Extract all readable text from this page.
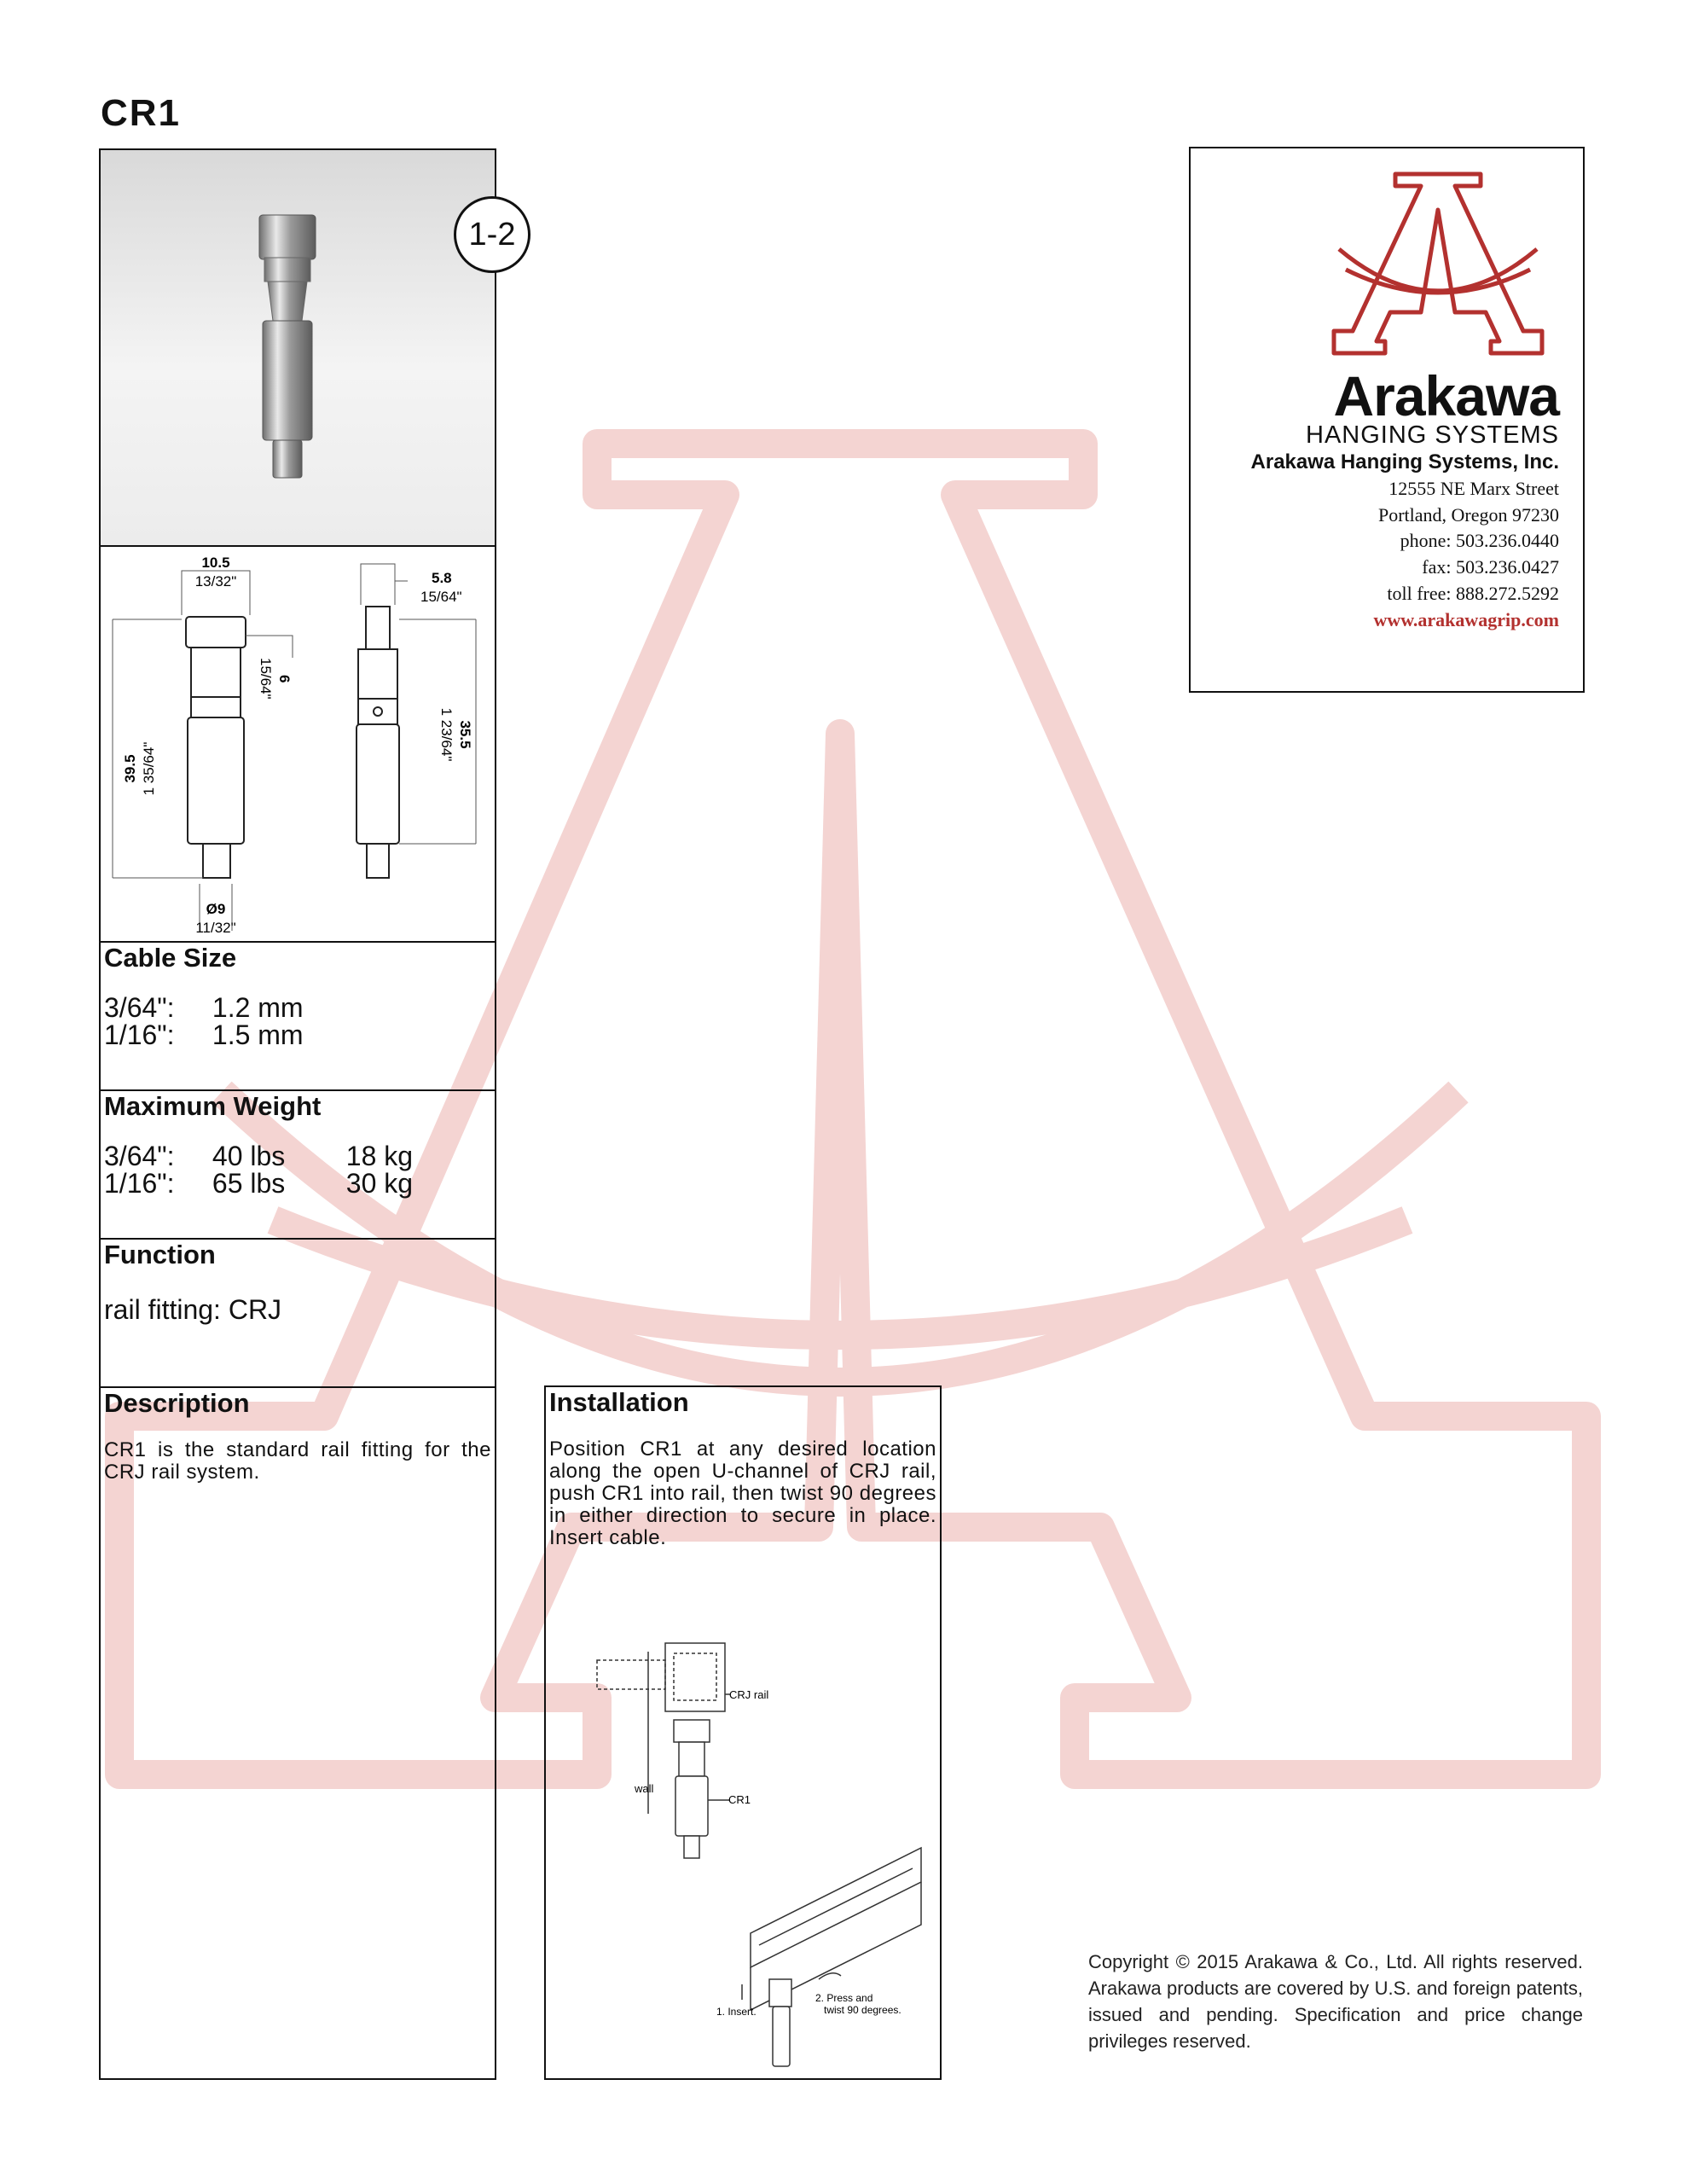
CR1
1-2
10.5
13/32"
6
15/64"
39.5 1 35/64"
Ø9
11/32"
5.8
15/64"
35.5
1 23/64"
Cable Size
3/64": 1.2 mm
1/16": 1.5 mm
Maximum Weight
3/64": 40 lbs 18 kg
1/16": 65 lbs 30 kg
Function
rail fitting: CRJ
Description
CR1 is the standard rail fitting for the CRJ rail system.
Installation
Position CR1 at any desired location along the open U-channel of CRJ rail, push CR1 into rail, then twist 90 degrees in either direction to secure in place. Insert cable.
CRJ rail
wall
CR1
1. Insert.
2. Press and
twist 90 degrees.
Arakawa
HANGING SYSTEMS
Arakawa Hanging Systems, Inc.
12555 NE Marx Street
Portland, Oregon 97230
phone: 503.236.0440
fax: 503.236.0427
toll free: 888.272.5292
www.arakawagrip.com
Copyright © 2015 Arakawa & Co., Ltd. All rights reserved. Arakawa products are covered by U.S. and foreign patents, issued and pending. Specification and price change privileges reserved.
